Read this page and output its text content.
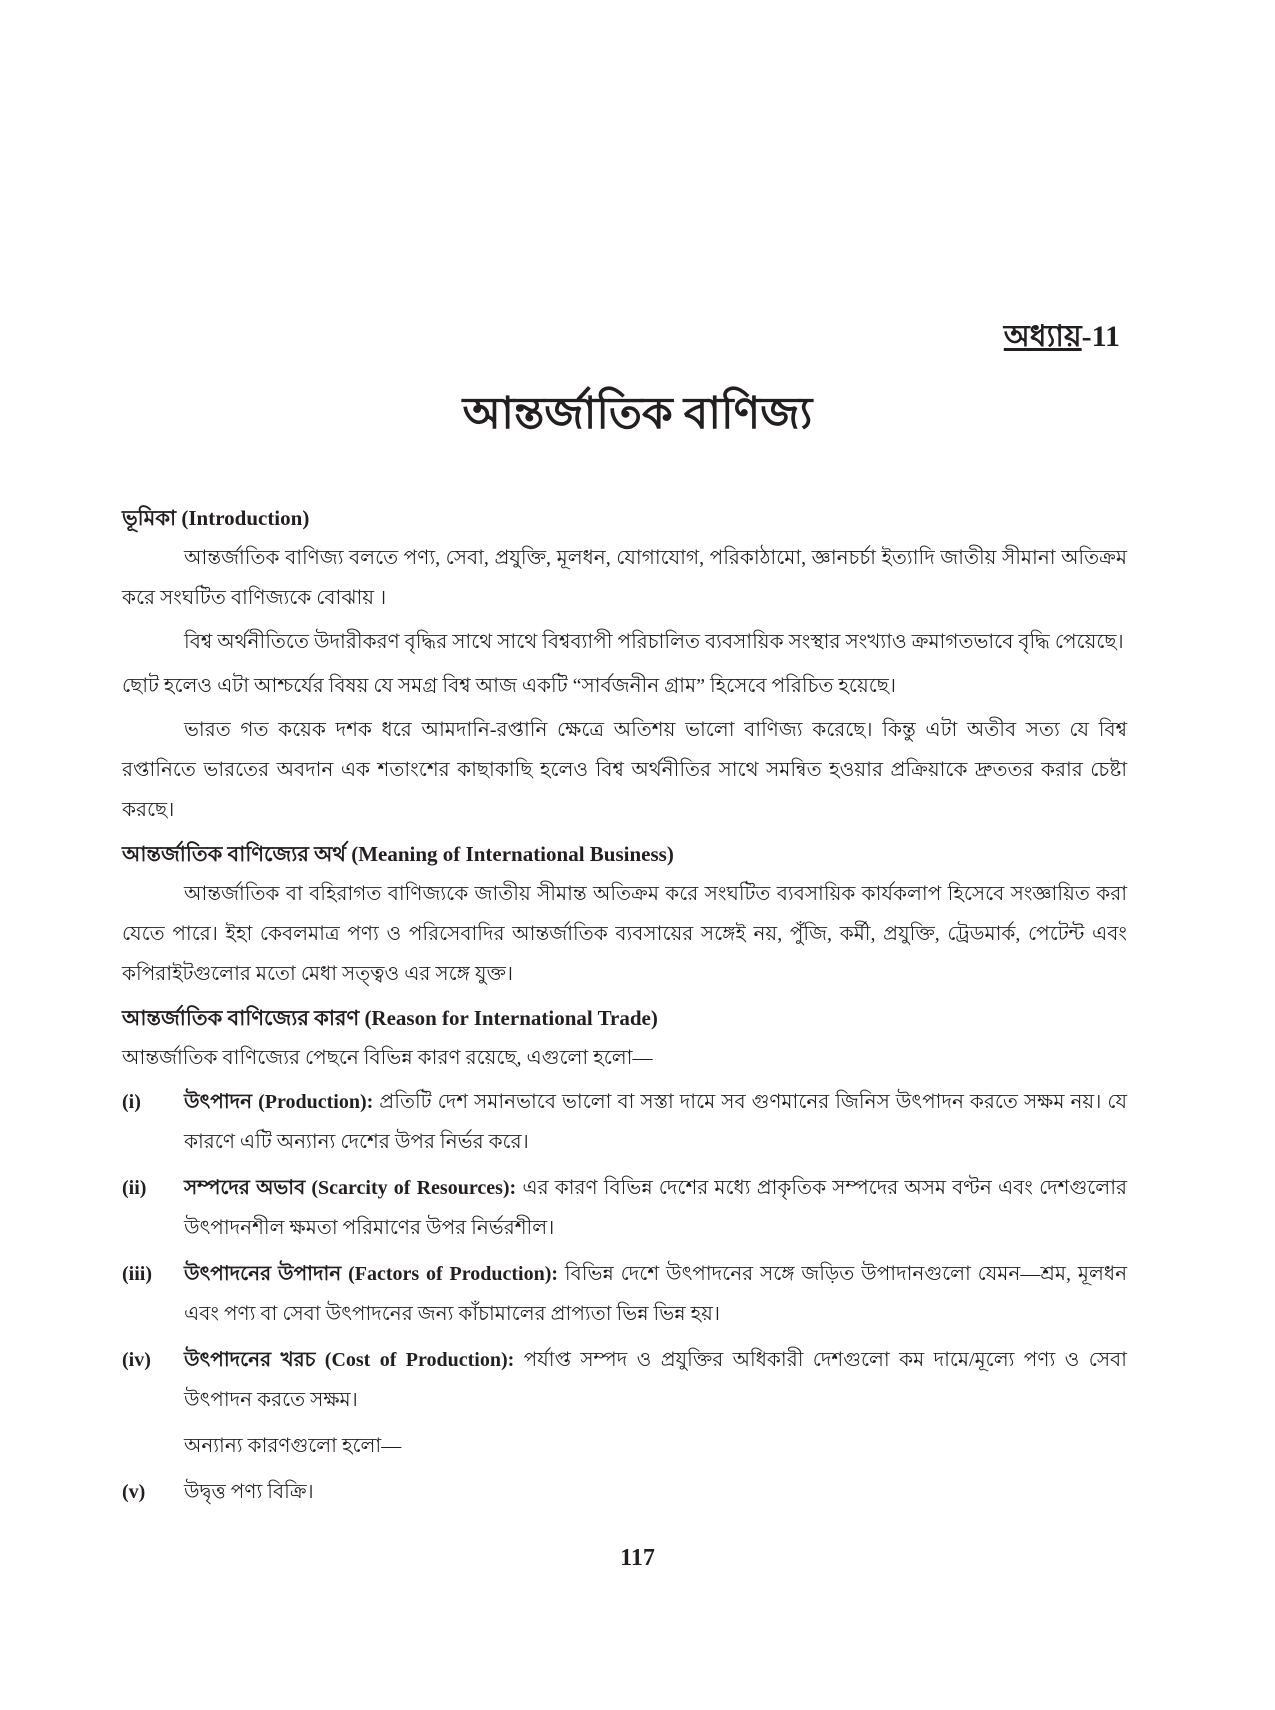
অধ্যায়-11
আন্তর্জাতিক বাণিজ্য
ভূমিকা (Introduction)

আন্তর্জাতিক বাণিজ্য বলতে পণ্য, সেবা, প্রযুক্তি, মূলধন, যোগাযোগ, পরিকাঠামো, জ্ঞানচর্চা ইত্যাদি জাতীয় সীমানা অতিক্রম করে সংঘটিত বাণিজ্যকে বোঝায় ।

বিশ্ব অর্থনীতিতে উদারীকরণ বৃদ্ধির সাথে সাথে বিশ্বব্যাপী পরিচালিত ব্যবসায়িক সংস্থার সংখ্যাও ক্রমাগতভাবে বৃদ্ধি পেয়েছে।

ছোট হলেও এটা আশ্চর্যের বিষয় যে সমগ্র বিশ্ব আজ একটি “সার্বজনীন গ্রাম” হিসেবে পরিচিত হয়েছে।

ভারত গত কয়েক দশক ধরে আমদানি-রপ্তানি ক্ষেত্রে অতিশয় ভালো বাণিজ্য করেছে। কিন্তু এটা অতীব সত্য যে বিশ্ব রপ্তানিতে ভারতের অবদান এক শতাংশের কাছাকাছি হলেও বিশ্ব অর্থনীতির সাথে সমন্বিত হওয়ার প্রক্রিয়াকে দ্রুততর করার চেষ্টা করছে।

আন্তর্জাতিক বাণিজ্যের অর্থ (Meaning of International Business)

আন্তর্জাতিক বা বহিরাগত বাণিজ্যকে জাতীয় সীমান্ত অতিক্রম করে সংঘটিত ব্যবসায়িক কার্যকলাপ হিসেবে সংজ্ঞায়িত করা যেতে পারে। ইহা কেবলমাত্র পণ্য ও পরিসেবাদির আন্তর্জাতিক ব্যবসায়ের সঙ্গেই নয়, পুঁজি, কর্মী, প্রযুক্তি, ট্রেডমার্ক, পেটেন্ট এবং কপিরাইটগুলোর মতো মেধা সত্ত্বও এর সঙ্গে যুক্ত।

আন্তর্জাতিক বাণিজ্যের কারণ (Reason for International Trade)

আন্তর্জাতিক বাণিজ্যের পেছনে বিভিন্ন কারণ রয়েছে, এগুলো হলো—

(i)	উৎপাদন (Production): প্রতিটি দেশ সমানভাবে ভালো বা সস্তা দামে সব গুণমানের জিনিস উৎপাদন করতে সক্ষম নয়। যে কারণে এটি অন্যান্য দেশের উপর নির্ভর করে।
(ii)	সম্পদের অভাব (Scarcity of Resources): এর কারণ বিভিন্ন দেশের মধ্যে প্রাকৃতিক সম্পদের অসম বণ্টন এবং দেশগুলোর উৎপাদনশীল ক্ষমতা পরিমাণের উপর নির্ভরশীল।
(iii)	উৎপাদনের উপাদান (Factors of Production): বিভিন্ন দেশে উৎপাদনের সঙ্গে জড়িত উপাদানগুলো যেমন—শ্রম, মূলধন এবং পণ্য বা সেবা উৎপাদনের জন্য কাঁচামালের প্রাপ্যতা ভিন্ন ভিন্ন হয়।
(iv)	উৎপাদনের খরচ (Cost of Production): পর্যাপ্ত সম্পদ ও প্রযুক্তির অধিকারী দেশগুলো কম দামে/মূল্যে পণ্য ও সেবা উৎপাদন করতে সক্ষম।
অন্যান্য কারণগুলো হলো—
(v)	উদ্বৃত্ত পণ্য বিক্রি।
117
